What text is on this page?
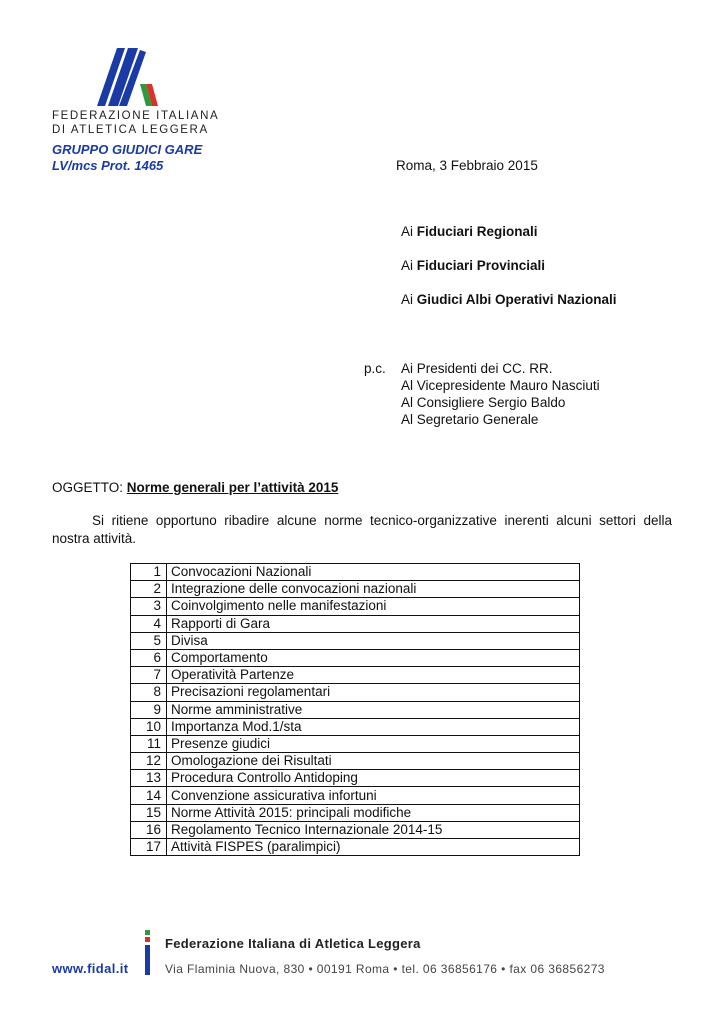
FEDERAZIONE ITALIANA
DI ATLETICA LEGGERA
GRUPPO GIUDICI GARE
LV/mcs Prot. 1465	Roma, 3 Febbraio 2015
Ai Fiduciari Regionali
Ai Fiduciari Provinciali
Ai Giudici Albi Operativi Nazionali
p.c. Ai Presidenti dei CC. RR.
Al Vicepresidente Mauro Nasciuti
Al Consigliere Sergio Baldo
Al Segretario Generale
OGGETTO: Norme generali per l’attività 2015
Si ritiene opportuno ribadire alcune norme tecnico-organizzative inerenti alcuni settori della nostra attività.
1	Convocazioni Nazionali
2	Integrazione delle convocazioni nazionali
3	Coinvolgimento nelle manifestazioni
4	Rapporti di Gara
5	Divisa
6	Comportamento
7	Operatività Partenze
8	Precisazioni regolamentari
9	Norme amministrative
10	Importanza Mod.1/sta
11	Presenze giudici
12	Omologazione dei Risultati
13	Procedura Controllo Antidoping
14	Convenzione assicurativa infortuni
15	Norme Attività 2015: principali modifiche
16	Regolamento Tecnico Internazionale 2014-15
17	Attività FISPES (paralimpici)
www.fidal.it
Federazione Italiana di Atletica Leggera
Via Flaminia Nuova, 830 • 00191 Roma • tel. 06 36856176 • fax 06 36856273
